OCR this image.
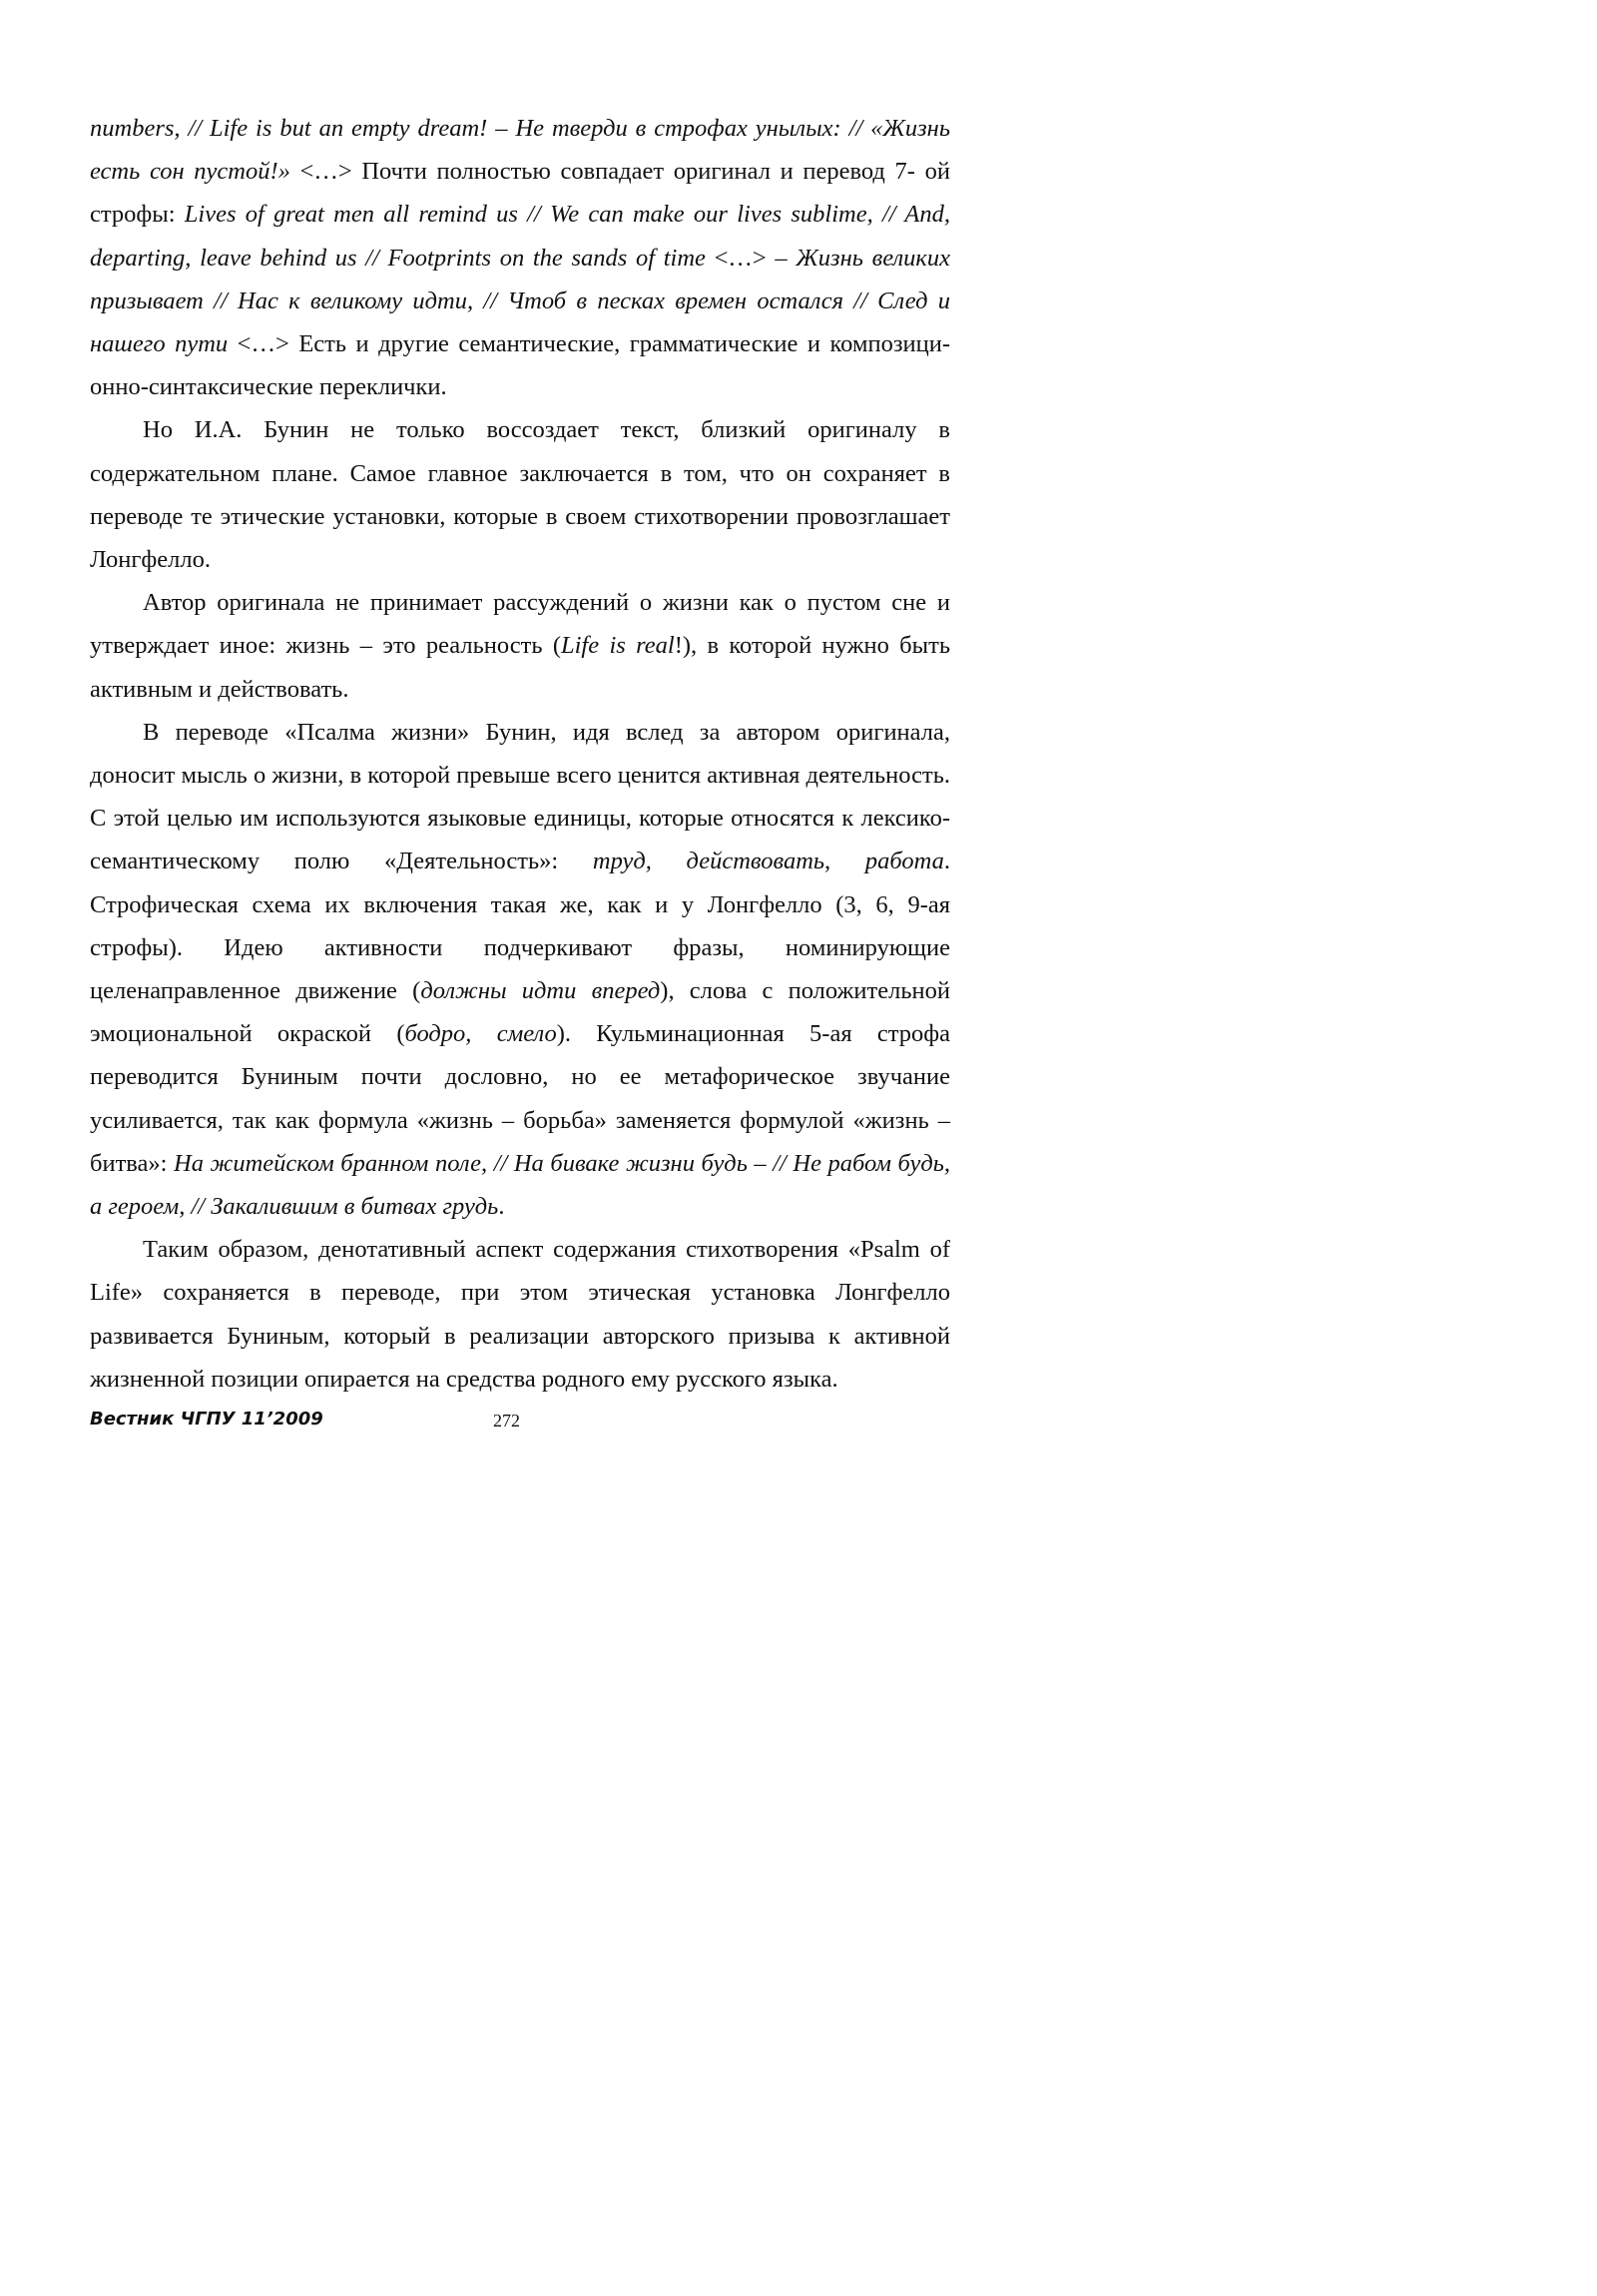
numbers, // Life is but an empty dream! – Не тверди в строфах унылых: // «Жизнь есть сон пустой!» <…> Почти полностью совпадает оригинал и перевод 7- ой строфы: Lives of great men all remind us // We can make our lives sublime, // And, departing, leave behind us // Footprints on the sands of time <…> – Жизнь великих призывает // Нас к великому идти, // Чтоб в песках времен остался // След и нашего пути <…> Есть и другие семантические, грамматические и композици-онно-синтаксические переклички.

Но И.А. Бунин не только воссоздает текст, близкий оригиналу в содержательном плане. Самое главное заключается в том, что он сохраняет в переводе те этические установки, которые в своем стихотворении провозглашает Лонгфелло.

Автор оригинала не принимает рассуждений о жизни как о пустом сне и утверждает иное: жизнь – это реальность (Life is real!), в которой нужно быть активным и действовать.

В переводе «Псалма жизни» Бунин, идя вслед за автором оригинала, доносит мысль о жизни, в которой превыше всего ценится активная деятельность. С этой целью им используются языковые единицы, которые относятся к лексико-семантическому полю «Деятельность»: труд, действовать, работа. Строфическая схема их включения такая же, как и у Лонгфелло (3, 6, 9-ая строфы). Идею активности подчеркивают фразы, номинирующие целенаправленное движение (должны идти вперед), слова с положительной эмоциональной окраской (бодро, смело). Кульминационная 5-ая строфа переводится Буниным почти дословно, но ее метафорическое звучание усиливается, так как формула «жизнь – борьба» заменяется формулой «жизнь – битва»: На житейском бранном поле, // На биваке жизни будь – // Не рабом будь, а героем, // Закалившим в битвах грудь.

Таким образом, денотативный аспект содержания стихотворения «Psalm of Life» сохраняется в переводе, при этом этическая установка Лонгфелло развивается Буниным, который в реализации авторского призыва к активной жизненной позиции опирается на средства родного ему русского языка.

Вестник ЧГПУ 11’2009	272
